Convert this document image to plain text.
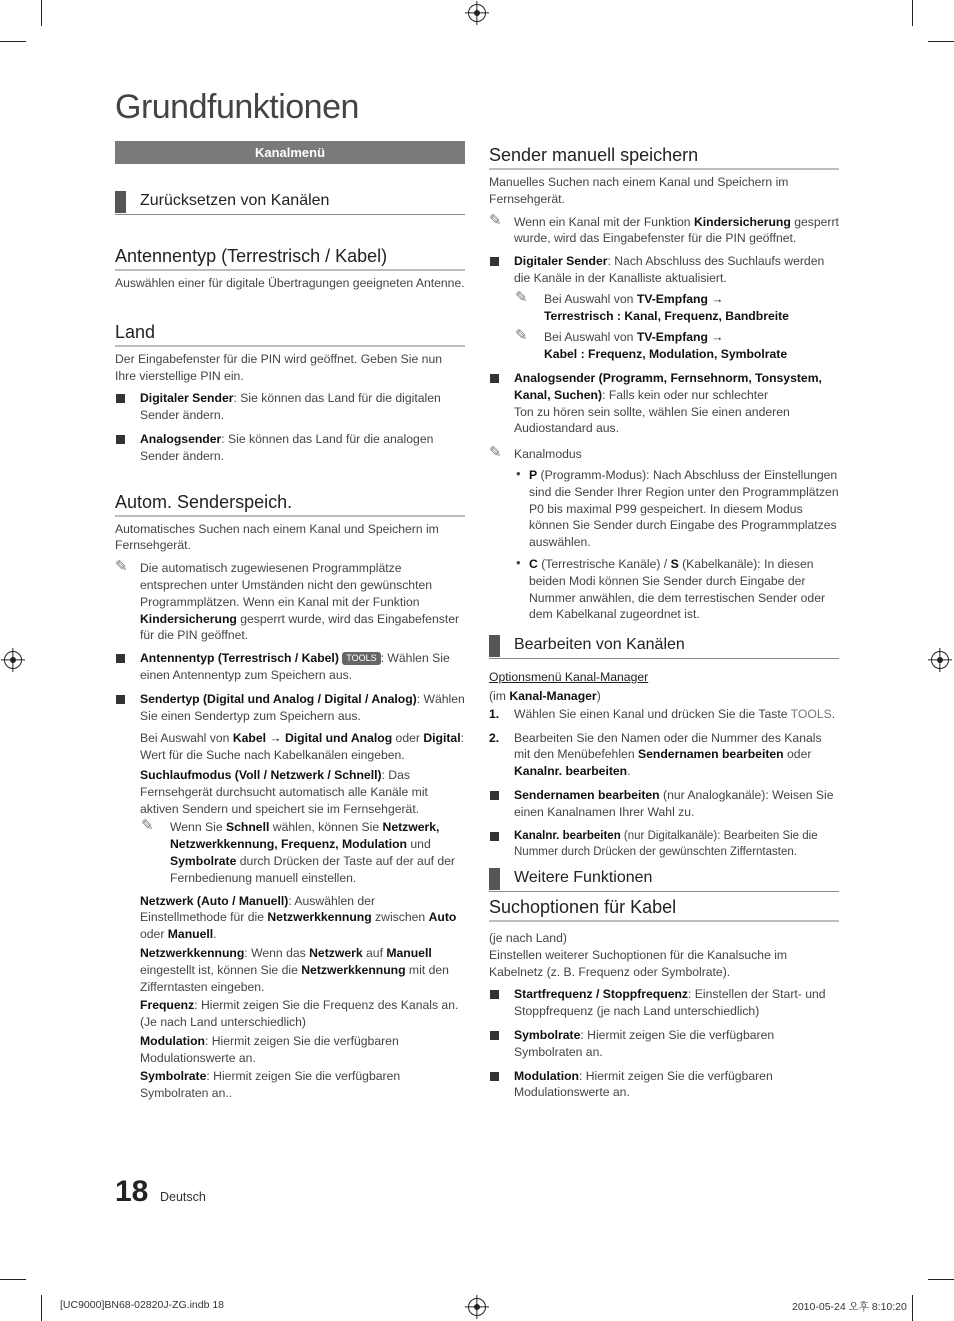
Grundfunktionen
Kanalmenü
Zurücksetzen von Kanälen
Antennentyp (Terrestrisch / Kabel)

Auswählen einer für digitale Übertragungen geeigneten Antenne.

Land

Der Eingabefenster für die PIN wird geöffnet. Geben Sie nun Ihre vierstellige PIN ein.

Digitaler Sender: Sie können das Land für die digitalen Sender ändern.
Analogsender: Sie können das Land für die analogen Sender ändern.
Autom. Senderspeich.

Automatisches Suchen nach einem Kanal und Speichern im Fernsehgerät.

✎ Die automatisch zugewiesenen Programmplätze entsprechen unter Umständen nicht den gewünschten Programmplätzen. Wenn ein Kanal mit der Funktion Kindersicherung gesperrt wurde, wird das Eingabefenster für die PIN geöffnet.
Antennentyp (Terrestrisch / Kabel) TOOLS : Wählen Sie einen Antennentyp zum Speichern aus.
Sendertyp (Digital und Analog / Digital / Analog): Wählen Sie einen Sendertyp zum Speichern aus.
Bei Auswahl von Kabel → Digital und Analog oder Digital: Wert für die Suche nach Kabelkanälen eingeben.
Suchlaufmodus (Voll / Netzwerk / Schnell): Das Fernsehgerät durchsucht automatisch alle Kanäle mit aktiven Sendern und speichert sie im Fernsehgerät.
✎ Wenn Sie Schnell wählen, können Sie Netzwerk, Netzwerkkennung, Frequenz, Modulation und Symbolrate durch Drücken der Taste auf der auf der Fernbedienung manuell einstellen.
Netzwerk (Auto / Manuell): Auswählen der Einstellmethode für die Netzwerkkennung zwischen Auto oder Manuell.
Netzwerkkennung: Wenn das Netzwerk auf Manuell eingestellt ist, können Sie die Netzwerkkennung mit den Zifferntasten eingeben.
Frequenz: Hiermit zeigen Sie die Frequenz des Kanals an. (Je nach Land unterschiedlich)
Modulation: Hiermit zeigen Sie die verfügbaren Modulationswerte an.
Symbolrate: Hiermit zeigen Sie die verfügbaren Symbolraten an..
Sender manuell speichern

Manuelles Suchen nach einem Kanal und Speichern im Fernsehgerät.

✎ Wenn ein Kanal mit der Funktion Kindersicherung gesperrt wurde, wird das Eingabefenster für die PIN geöffnet.
Digitaler Sender: Nach Abschluss des Suchlaufs werden die Kanäle in der Kanalliste aktualisiert.
✎ Bei Auswahl von TV-Empfang →
Terrestrisch : Kanal, Frequenz, Bandbreite
✎ Bei Auswahl von TV-Empfang →
Kabel : Frequenz, Modulation, Symbolrate
Analogsender (Programm, Fernsehnorm, Tonsystem, Kanal, Suchen): Falls kein oder nur schlechter
Ton zu hören sein sollte, wählen Sie einen anderen Audiostandard aus.
✎ Kanalmodus
• P (Programm-Modus): Nach Abschluss der Einstellungen sind die Sender Ihrer Region unter den Programmplätzen P0 bis maximal P99 gespeichert. In diesem Modus können Sie Sender durch Eingabe des Programmplatzes auswählen.
• C (Terrestrische Kanäle) / S (Kabelkanäle): In diesen beiden Modi können Sie Sender durch Eingabe der Nummer anwählen, die dem terrestischen Sender oder dem Kabelkanal zugeordnet ist.
Bearbeiten von Kanälen
Optionsmenü Kanal-Manager
(im Kanal-Manager)
1. Wählen Sie einen Kanal und drücken Sie die Taste TOOLS.
2. Bearbeiten Sie den Namen oder die Nummer des Kanals mit den Menübefehlen Sendernamen bearbeiten oder Kanalnr. bearbeiten.
Sendernamen bearbeiten (nur Analogkanäle): Weisen Sie einen Kanalnamen Ihrer Wahl zu.
Kanalnr. bearbeiten (nur Digitalkanäle): Bearbeiten Sie die Nummer durch Drücken der gewünschten Zifferntasten.
Weitere Funktionen
Suchoptionen für Kabel

(je nach Land)

Einstellen weiterer Suchoptionen für die Kanalsuche im Kabelnetz (z. B. Frequenz oder Symbolrate).

Startfrequenz / Stoppfrequenz: Einstellen der Start- und Stoppfrequenz (je nach Land unterschiedlich)
Symbolrate: Hiermit zeigen Sie die verfügbaren Symbolraten an.
Modulation: Hiermit zeigen Sie die verfügbaren Modulationswerte an.
18 Deutsch
[UC9000]BN68-02820J-ZG.indb 18	2010-05-24 오후 8:10:20
